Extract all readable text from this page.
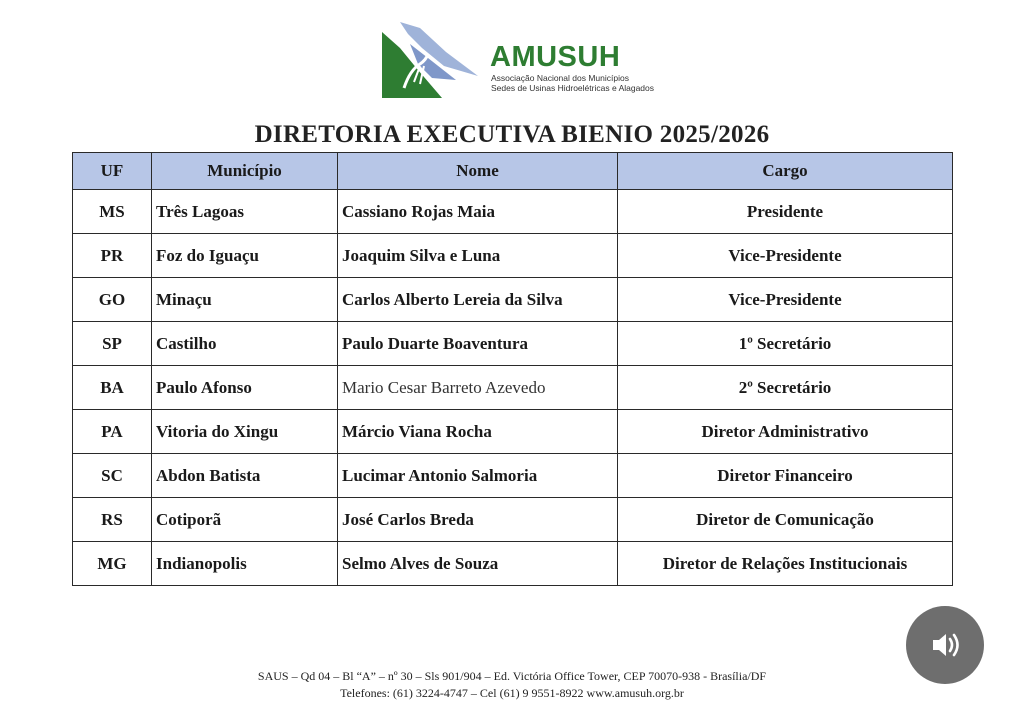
AMUSUH
Associação Nacional dos Municípios
Sedes de Usinas Hidroelétricas e Alagados
DIRETORIA EXECUTIVA BIENIO 2025/2026
UF	Município	Nome	Cargo
MS	Três Lagoas	Cassiano Rojas Maia	Presidente
PR	Foz do Iguaçu	Joaquim Silva e Luna	Vice-Presidente
GO	Minaçu	Carlos Alberto Lereia da Silva	Vice-Presidente
SP	Castilho	Paulo Duarte Boaventura	1º Secretário
BA	Paulo Afonso	Mario Cesar Barreto Azevedo	2º Secretário
PA	Vitoria do Xingu	Márcio Viana Rocha	Diretor Administrativo
SC	Abdon Batista	Lucimar Antonio Salmoria	Diretor Financeiro
RS	Cotiporã	José Carlos Breda	Diretor de Comunicação
MG	Indianopolis	Selmo Alves de Souza	Diretor de Relações Institucionais
SAUS – Qd 04 – Bl “A” – nº 30 – Sls 901/904 – Ed. Victória Office Tower, CEP 70070-938 - Brasília/DF
Telefones: (61) 3224-4747 – Cel (61) 9 9551-8922 www.amusuh.org.br
